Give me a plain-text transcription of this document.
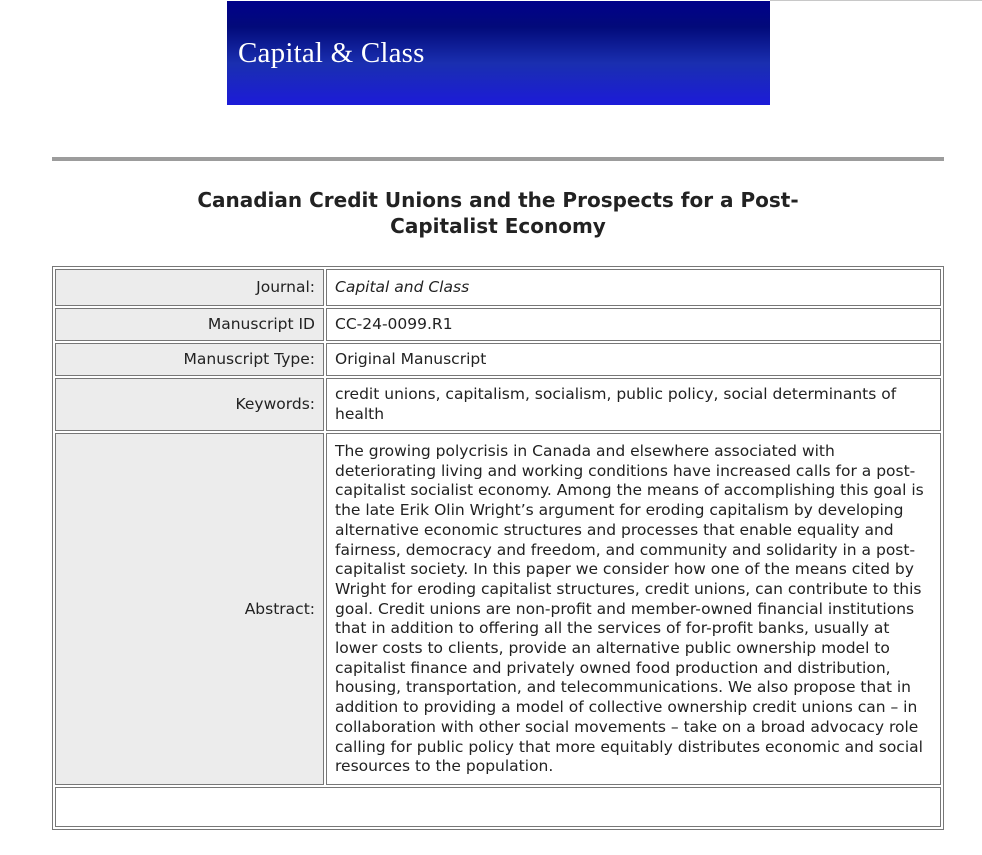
Capital & Class
Canadian Credit Unions and the Prospects for a Post-Capitalist Economy
Journal:	Capital and Class
Manuscript ID	CC-24-0099.R1
Manuscript Type:	Original Manuscript
Keywords:	credit unions, capitalism, socialism, public policy, social determinants of health
Abstract:	The growing polycrisis in Canada and elsewhere associated with deteriorating living and working conditions have increased calls for a post-capitalist socialist economy. Among the means of accomplishing this goal is the late Erik Olin Wright’s argument for eroding capitalism by developing alternative economic structures and processes that enable equality and fairness, democracy and freedom, and community and solidarity in a post-capitalist society. In this paper we consider how one of the means cited by Wright for eroding capitalist structures, credit unions, can contribute to this goal. Credit unions are non-profit and member-owned financial institutions that in addition to offering all the services of for-profit banks, usually at lower costs to clients, provide an alternative public ownership model to capitalist finance and privately owned food production and distribution, housing, transportation, and telecommunications. We also propose that in addition to providing a model of collective ownership credit unions can – in collaboration with other social movements – take on a broad advocacy role calling for public policy that more equitably distributes economic and social resources to the population.
